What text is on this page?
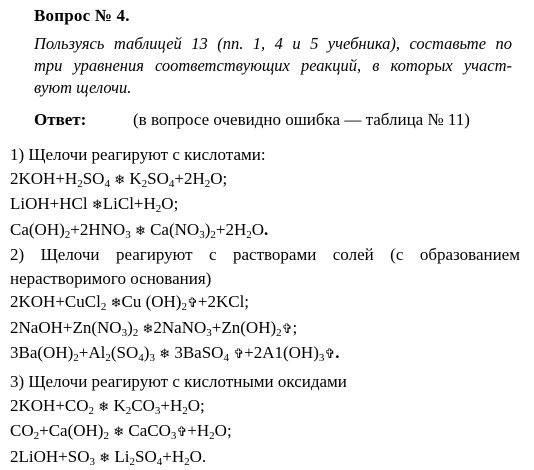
Вопрос № 4.
Пользуясь таблицей 13 (пп. 1, 4 и 5 учебника), составьте по
три уравнения соответствующих реакций, в которых участ-
вуют щелочи.
Ответ:	(в вопросе очевидно ошибка — таблица № 11)
1) Щелочи реагируют с кислотами:
$2KOH+H_2SO_4$ ❄ $K_2SO_4+2H_2O$;
LiOH+HCl $❄LiCl+H_2O$;
$Ca(OH)_2+2HNO_3$ ❄ $Ca(NO_3)_2+2H_2O$.
2) Щелочи реагируют с растворами солей (с образованием
нерастворимого основания)
2KOH+CuCl$_2$ ❄Cu $(OH)_2✞+2KCl$;
$2NaOH+Zn(NO_3)_2$ $❄2NaNO_3+Zn(OH)_2✞$;
$3Ba(OH)_2+Al_2(SO_4)_3$ ❄ 3BaSO$_4$ $✞+2A1(OH)_3✞$.
3) Щелочи реагируют с кислотными оксидами
$2KOH+CO_2$ ❄ $K_2CO_3+H_2O$;
$CO_2+Ca(OH)_2$ ❄ $CaCO_3✞+H_2O$;
$2LiOH+SO_3$ ❄ $Li_2SO_4+H_2O$.
